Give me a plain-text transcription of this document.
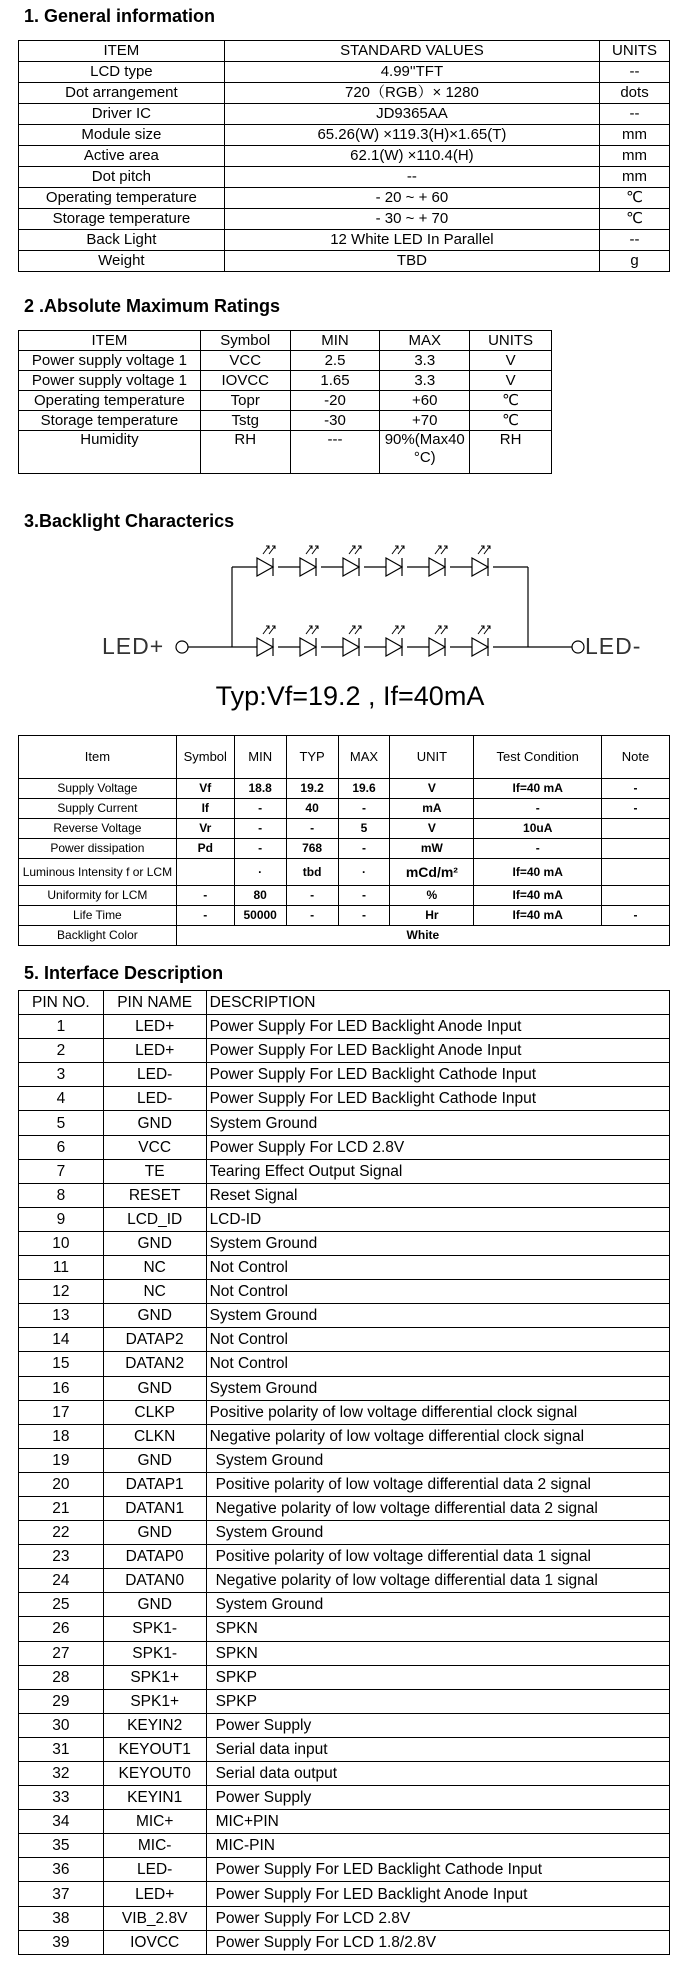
1. General information
ITEM	STANDARD VALUES	UNITS
LCD type	4.99''TFT	--
Dot arrangement	720（RGB）× 1280	dots
Driver IC	JD9365AA	--
Module size	65.26(W) ×119.3(H)×1.65(T)	mm
Active area	62.1(W) ×110.4(H)	mm
Dot pitch	--	mm
Operating temperature	- 20 ~ + 60	℃
Storage temperature	- 30 ~ + 70	℃
Back Light	12 White LED In Parallel	--
Weight	TBD	g
2 .Absolute Maximum Ratings
ITEM	Symbol	MIN	MAX	UNITS
Power supply voltage 1	VCC	2.5	3.3	V
Power supply voltage 1	IOVCC	1.65	3.3	V
Operating temperature	Topr	-20	+60	℃
Storage temperature	Tstg	-30	+70	℃
Humidity	RH	---	90%(Max40 °C)	RH
3.Backlight Characterics
LED+	LED-
Typ:Vf=19.2 , If=40mA
Item	Symbol	MIN	TYP	MAX	UNIT	Test Condition	Note
Supply Voltage	Vf	18.8	19.2	19.6	V	If=40 mA	-
Supply Current	If	-	40	-	mA	-	-
Reverse Voltage	Vr	-	-	5	V	10uA	
Power dissipation	Pd	-	768	-	mW	-	
Luminous Intensity f or LCM		·	tbd	·	mCd/m²	If=40 mA	
Uniformity for LCM	-	80	-	-	%	If=40 mA	
Life Time	-	50000	-	-	Hr	If=40 mA	-
Backlight Color	White						
5. Interface Description
PIN NO.	PIN NAME	DESCRIPTION
1	LED+	Power Supply For LED Backlight Anode Input
2	LED+	Power Supply For LED Backlight Anode Input
3	LED-	Power Supply For LED Backlight Cathode Input
4	LED-	Power Supply For LED Backlight Cathode Input
5	GND	System Ground
6	VCC	Power Supply For LCD 2.8V
7	TE	Tearing Effect Output Signal
8	RESET	Reset Signal
9	LCD_ID	LCD-ID
10	GND	System Ground
11	NC	Not Control
12	NC	Not Control
13	GND	System Ground
14	DATAP2	Not Control
15	DATAN2	Not Control
16	GND	System Ground
17	CLKP	Positive polarity of low voltage differential clock signal
18	CLKN	Negative polarity of low voltage differential clock signal
19	GND	System Ground
20	DATAP1	Positive polarity of low voltage differential data 2 signal
21	DATAN1	Negative polarity of low voltage differential data 2 signal
22	GND	System Ground
23	DATAP0	Positive polarity of low voltage differential data 1 signal
24	DATAN0	Negative polarity of low voltage differential data 1 signal
25	GND	System Ground
26	SPK1-	SPKN
27	SPK1-	SPKN
28	SPK1+	SPKP
29	SPK1+	SPKP
30	KEYIN2	Power Supply
31	KEYOUT1	Serial data input
32	KEYOUT0	Serial data output
33	KEYIN1	Power Supply
34	MIC+	MIC+PIN
35	MIC-	MIC-PIN
36	LED-	Power Supply For LED Backlight Cathode Input
37	LED+	Power Supply For LED Backlight Anode Input
38	VIB_2.8V	Power Supply For LCD 2.8V
39	IOVCC	Power Supply For LCD 1.8/2.8V
